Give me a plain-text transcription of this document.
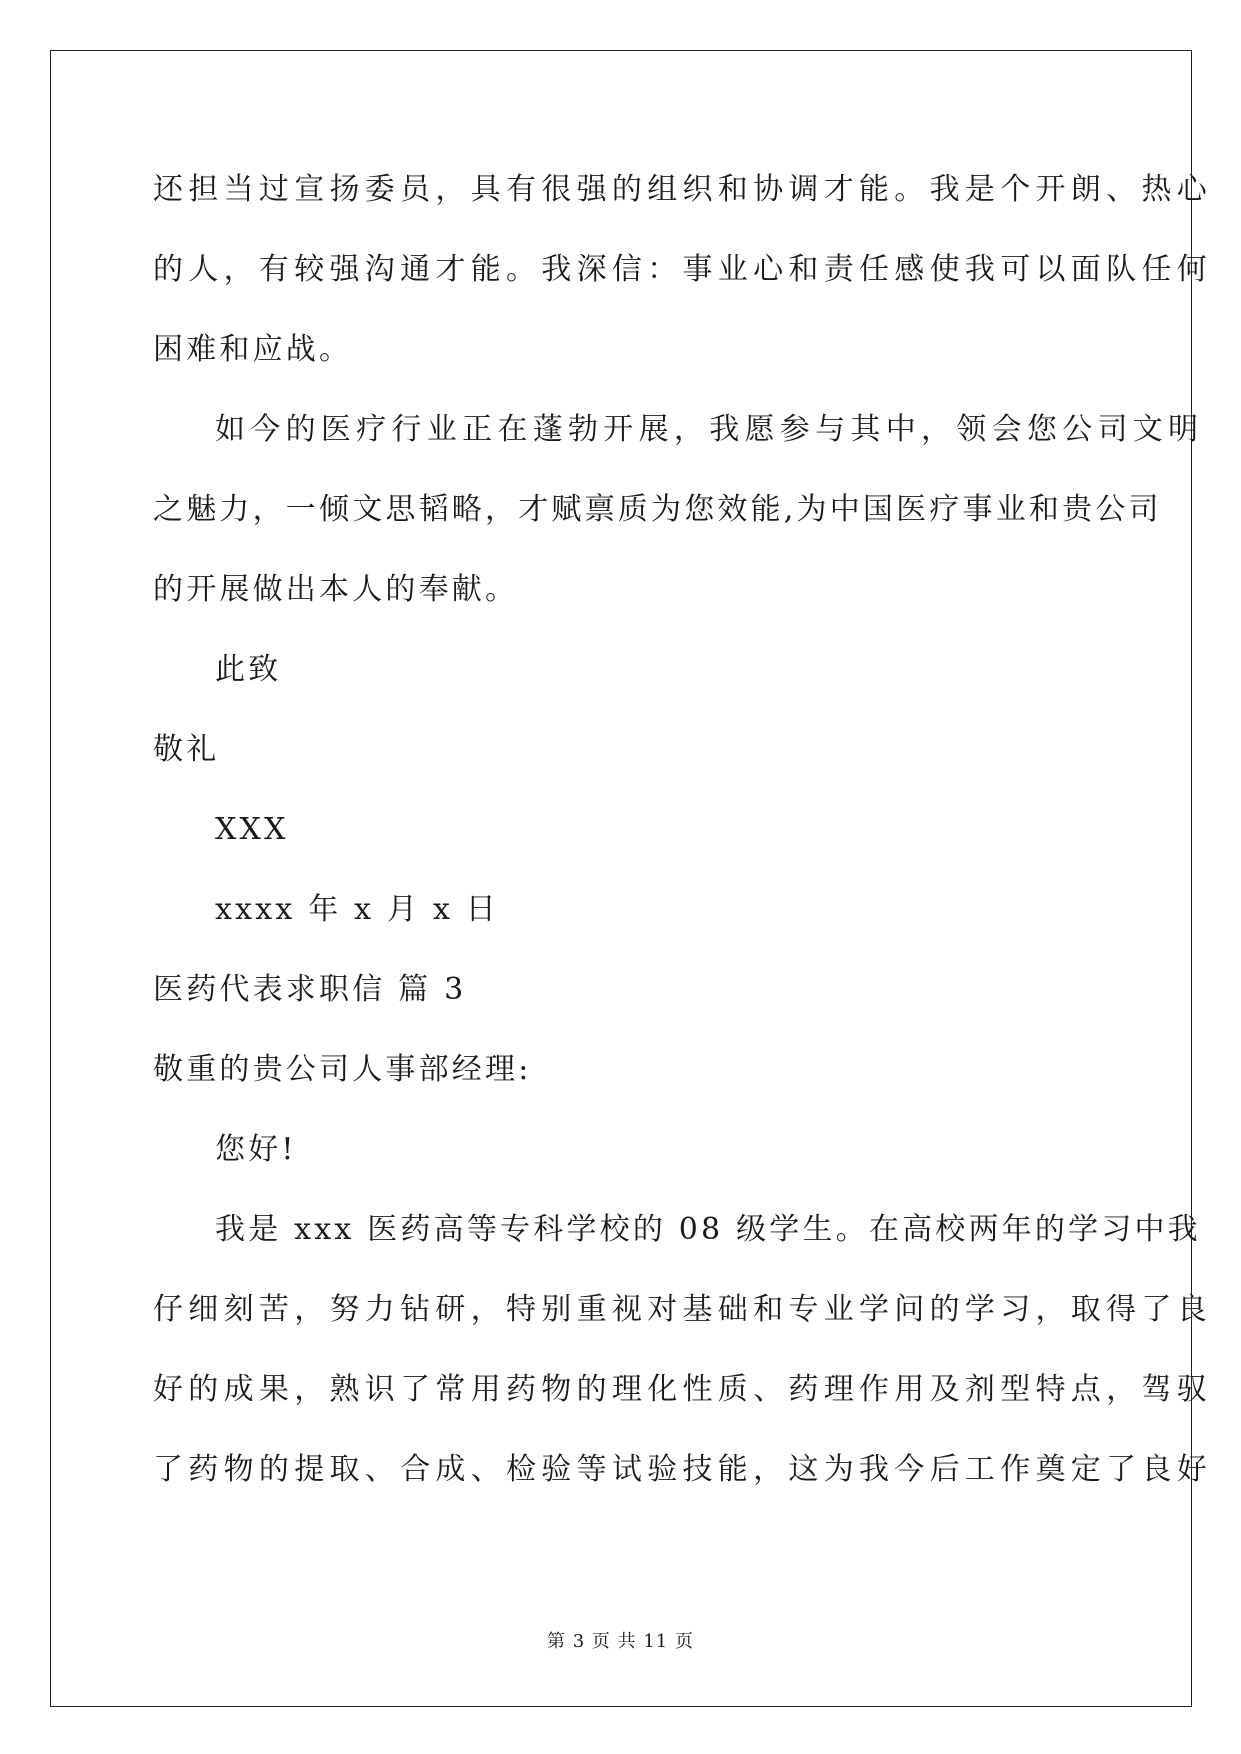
还担当过宣扬委员，具有很强的组织和协调才能。我是个开朗、热心
的人，有较强沟通才能。我深信：事业心和责任感使我可以面队任何
困难和应战。
如今的医疗行业正在蓬勃开展，我愿参与其中，领会您公司文明
之魅力，一倾文思韬略，才赋禀质为您效能,为中国医疗事业和贵公司
的开展做出本人的奉献。
此致
敬礼
XXX
xxxx 年 x 月 x 日
医药代表求职信 篇 3
敬重的贵公司人事部经理:
您好!
我是 xxx 医药高等专科学校的 08 级学生。在高校两年的学习中我
仔细刻苦，努力钻研，特别重视对基础和专业学问的学习，取得了良
好的成果，熟识了常用药物的理化性质、药理作用及剂型特点，驾驭
了药物的提取、合成、检验等试验技能，这为我今后工作奠定了良好
第 3 页 共 11 页
